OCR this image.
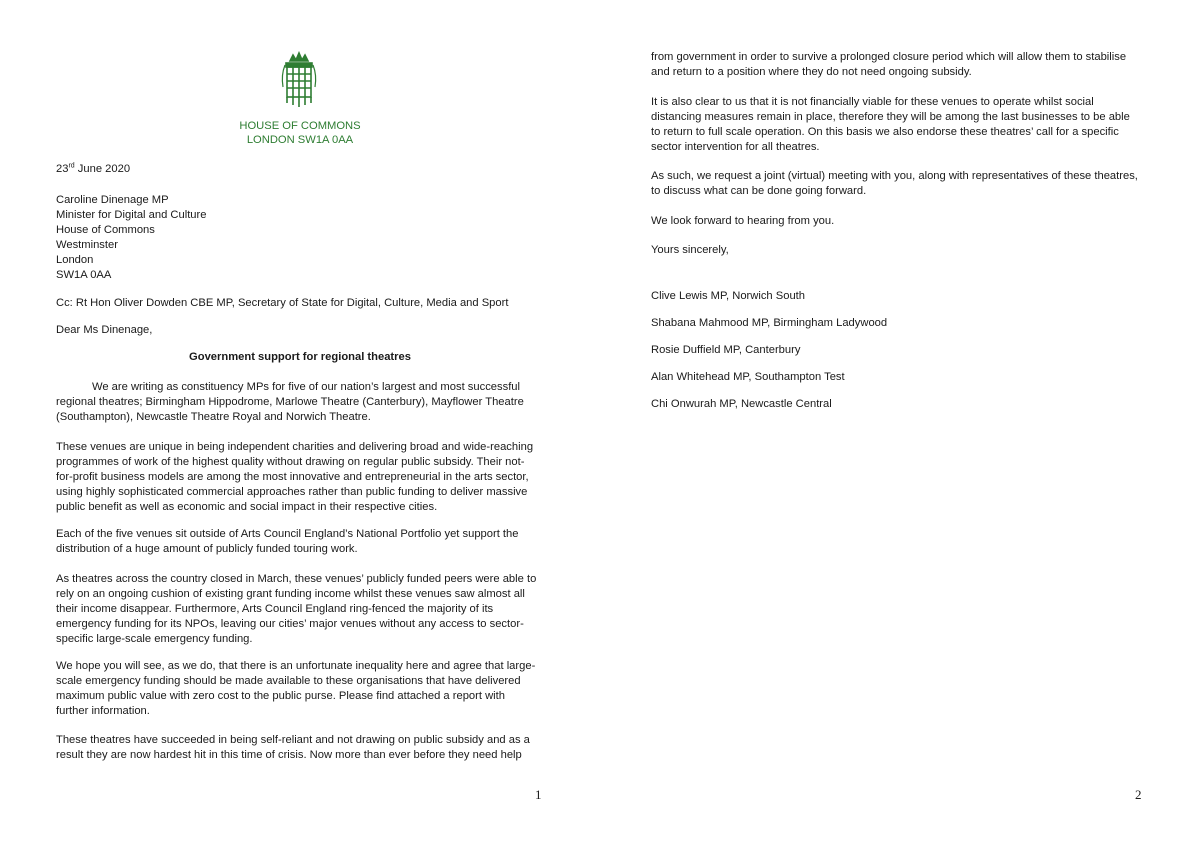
HOUSE OF COMMONS
LONDON SW1A 0AA
23rd June 2020
Caroline Dinenage MP
Minister for Digital and Culture
House of Commons
Westminster
London
SW1A 0AA
Cc: Rt Hon Oliver Dowden CBE MP, Secretary of State for Digital, Culture, Media and Sport
Dear Ms Dinenage,
Government support for regional theatres

We are writing as constituency MPs for five of our nation’s largest and most successful regional theatres; Birmingham Hippodrome, Marlowe Theatre (Canterbury), Mayflower Theatre (Southampton), Newcastle Theatre Royal and Norwich Theatre.

These venues are unique in being independent charities and delivering broad and wide-reaching programmes of work of the highest quality without drawing on regular public subsidy. Their not-for-profit business models are among the most innovative and entrepreneurial in the arts sector, using highly sophisticated commercial approaches rather than public funding to deliver massive public benefit as well as economic and social impact in their respective cities.

Each of the five venues sit outside of Arts Council England’s National Portfolio yet support the distribution of a huge amount of publicly funded touring work.

As theatres across the country closed in March, these venues’ publicly funded peers were able to rely on an ongoing cushion of existing grant funding income whilst these venues saw almost all their income disappear. Furthermore, Arts Council England ring-fenced the majority of its emergency funding for its NPOs, leaving our cities’ major venues without any access to sector-specific large-scale emergency funding.

We hope you will see, as we do, that there is an unfortunate inequality here and agree that large-scale emergency funding should be made available to these organisations that have delivered maximum public value with zero cost to the public purse. Please find attached a report with further information.

These theatres have succeeded in being self-reliant and not drawing on public subsidy and as a result they are now hardest hit in this time of crisis. Now more than ever before they need help

1

from government in order to survive a prolonged closure period which will allow them to stabilise and return to a position where they do not need ongoing subsidy.

It is also clear to us that it is not financially viable for these venues to operate whilst social distancing measures remain in place, therefore they will be among the last businesses to be able to return to full scale operation. On this basis we also endorse these theatres’ call for a specific sector intervention for all theatres.

As such, we request a joint (virtual) meeting with you, along with representatives of these theatres, to discuss what can be done going forward.

We look forward to hearing from you.

Yours sincerely,
Clive Lewis MP, Norwich South
Shabana Mahmood MP, Birmingham Ladywood
Rosie Duffield MP, Canterbury
Alan Whitehead MP, Southampton Test
Chi Onwurah MP, Newcastle Central
2
